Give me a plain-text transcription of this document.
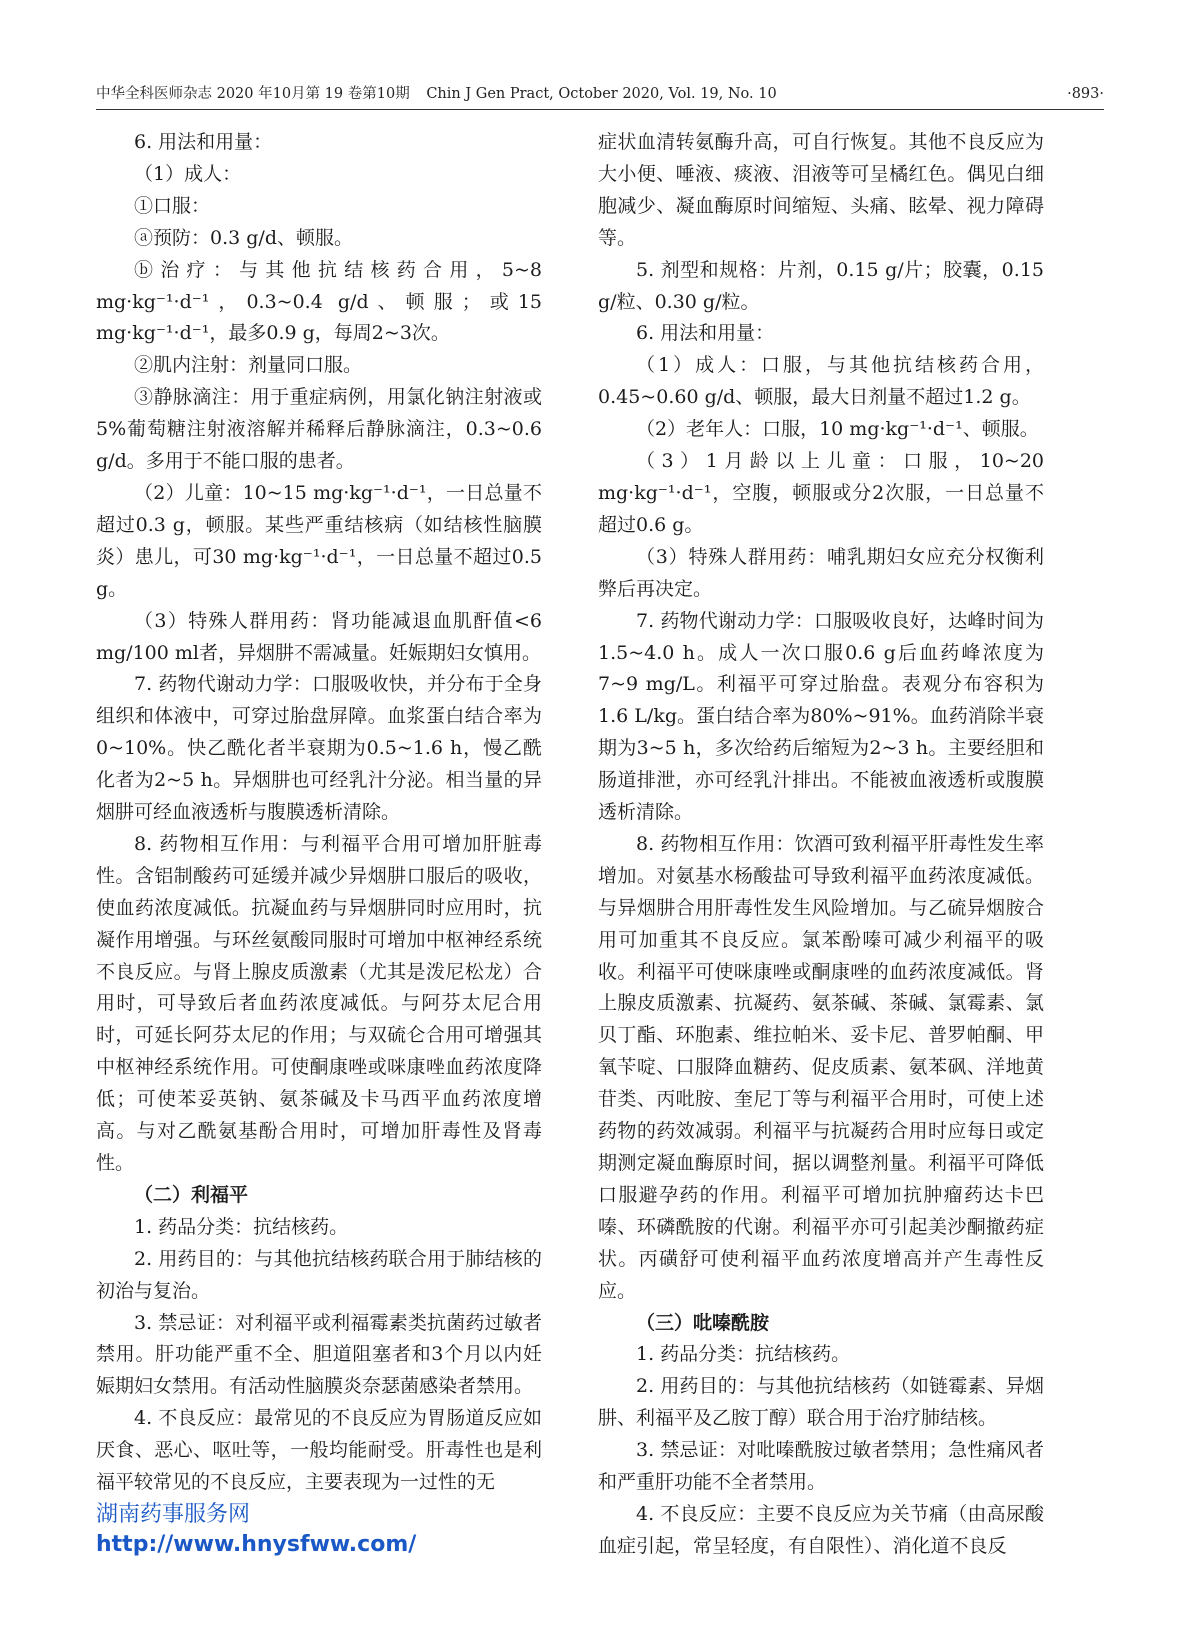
中华全科医师杂志 2020 年10月第 19 卷第10期 Chin J Gen Pract, October 2020, Vol. 19, No. 10	·893·

6. 用法和用量：

（1）成人：

①口服：

ⓐ预防：0.3 g/d、顿服。

ⓑ治疗：与其他抗结核药合用，5~8 mg·kg⁻¹·d⁻¹，0.3~0.4 g/d、顿服；或15 mg·kg⁻¹·d⁻¹，最多0.9 g，每周2~3次。

②肌内注射：剂量同口服。

③静脉滴注：用于重症病例，用氯化钠注射液或5%葡萄糖注射液溶解并稀释后静脉滴注，0.3~0.6 g/d。多用于不能口服的患者。

（2）儿童：10~15 mg·kg⁻¹·d⁻¹，一日总量不超过0.3 g，顿服。某些严重结核病（如结核性脑膜炎）患儿，可30 mg·kg⁻¹·d⁻¹，一日总量不超过0.5 g。

（3）特殊人群用药：肾功能减退血肌酐值<6 mg/100 ml者，异烟肼不需减量。妊娠期妇女慎用。

7. 药物代谢动力学：口服吸收快，并分布于全身组织和体液中，可穿过胎盘屏障。血浆蛋白结合率为0~10%。快乙酰化者半衰期为0.5~1.6 h，慢乙酰化者为2~5 h。异烟肼也可经乳汁分泌。相当量的异烟肼可经血液透析与腹膜透析清除。

8. 药物相互作用：与利福平合用可增加肝脏毒性。含铝制酸药可延缓并减少异烟肼口服后的吸收，使血药浓度减低。抗凝血药与异烟肼同时应用时，抗凝作用增强。与环丝氨酸同服时可增加中枢神经系统不良反应。与肾上腺皮质激素（尤其是泼尼松龙）合用时，可导致后者血药浓度减低。与阿芬太尼合用时，可延长阿芬太尼的作用；与双硫仑合用可增强其中枢神经系统作用。可使酮康唑或咪康唑血药浓度降低；可使苯妥英钠、氨茶碱及卡马西平血药浓度增高。与对乙酰氨基酚合用时，可增加肝毒性及肾毒性。

（二）利福平

1. 药品分类：抗结核药。

2. 用药目的：与其他抗结核药联合用于肺结核的初治与复治。

3. 禁忌证：对利福平或利福霉素类抗菌药过敏者禁用。肝功能严重不全、胆道阻塞者和3个月以内妊娠期妇女禁用。有活动性脑膜炎奈瑟菌感染者禁用。

4. 不良反应：最常见的不良反应为胃肠道反应如厌食、恶心、呕吐等，一般均能耐受。肝毒性也是利福平较常见的不良反应，主要表现为一过性的无

症状血清转氨酶升高，可自行恢复。其他不良反应为大小便、唾液、痰液、泪液等可呈橘红色。偶见白细胞减少、凝血酶原时间缩短、头痛、眩晕、视力障碍等。

5. 剂型和规格：片剂，0.15 g/片；胶囊，0.15 g/粒、0.30 g/粒。

6. 用法和用量：

（1）成人：口服，与其他抗结核药合用，0.45~0.60 g/d、顿服，最大日剂量不超过1.2 g。

（2）老年人：口服，10 mg·kg⁻¹·d⁻¹、顿服。

（3）1月龄以上儿童：口服，10~20 mg·kg⁻¹·d⁻¹，空腹，顿服或分2次服，一日总量不超过0.6 g。

（3）特殊人群用药：哺乳期妇女应充分权衡利弊后再决定。

7. 药物代谢动力学：口服吸收良好，达峰时间为1.5~4.0 h。成人一次口服0.6 g后血药峰浓度为7~9 mg/L。利福平可穿过胎盘。表观分布容积为1.6 L/kg。蛋白结合率为80%~91%。血药消除半衰期为3~5 h，多次给药后缩短为2~3 h。主要经胆和肠道排泄，亦可经乳汁排出。不能被血液透析或腹膜透析清除。

8. 药物相互作用：饮酒可致利福平肝毒性发生率增加。对氨基水杨酸盐可导致利福平血药浓度减低。与异烟肼合用肝毒性发生风险增加。与乙硫异烟胺合用可加重其不良反应。氯苯酚嗪可减少利福平的吸收。利福平可使咪康唑或酮康唑的血药浓度减低。肾上腺皮质激素、抗凝药、氨茶碱、茶碱、氯霉素、氯贝丁酯、环胞素、维拉帕米、妥卡尼、普罗帕酮、甲氧苄啶、口服降血糖药、促皮质素、氨苯砜、洋地黄苷类、丙吡胺、奎尼丁等与利福平合用时，可使上述药物的药效减弱。利福平与抗凝药合用时应每日或定期测定凝血酶原时间，据以调整剂量。利福平可降低口服避孕药的作用。利福平可增加抗肿瘤药达卡巴嗪、环磷酰胺的代谢。利福平亦可引起美沙酮撤药症状。丙磺舒可使利福平血药浓度增高并产生毒性反应。

（三）吡嗪酰胺

1. 药品分类：抗结核药。

2. 用药目的：与其他抗结核药（如链霉素、异烟肼、利福平及乙胺丁醇）联合用于治疗肺结核。

3. 禁忌证：对吡嗪酰胺过敏者禁用；急性痛风者和严重肝功能不全者禁用。

4. 不良反应：主要不良反应为关节痛（由高尿酸血症引起，常呈轻度，有自限性）、消化道不良反

湖南药事服务网
http://www.hnysfww.com/
